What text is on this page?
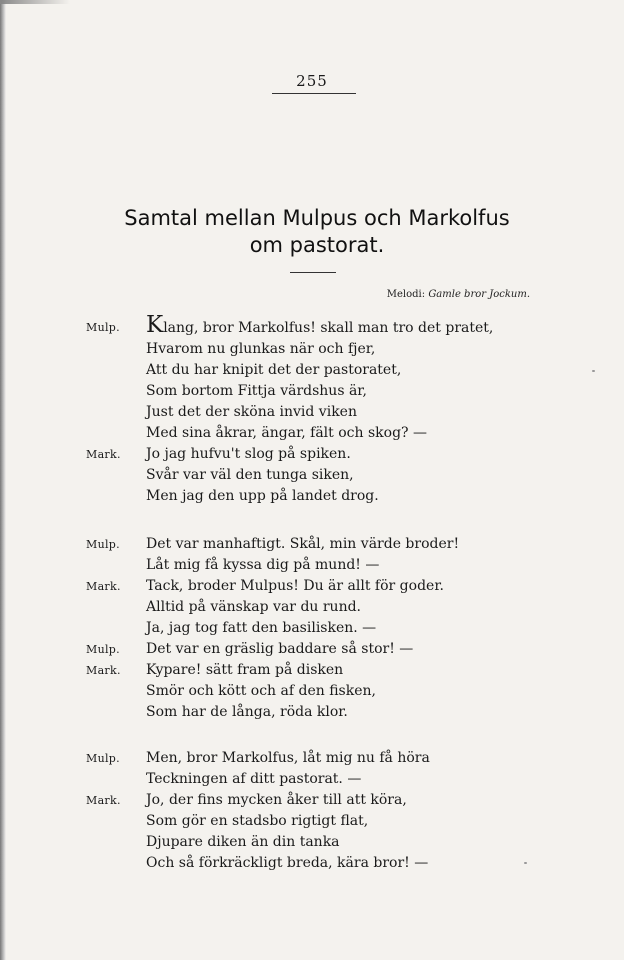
255
Samtal mellan Mulpus och Markolfus
om pastorat.
Melodi: Gamle bror Jockum.
Mulp. Klang, bror Markolfus! skall man tro det pratet,
Hvarom nu glunkas när och fjer,
Att du har knipit det der pastoratet,
Som bortom Fittja värdshus är,
Just det der sköna invid viken
Med sina åkrar, ängar, fält och skog? —
Mark. Jo jag hufvu't slog på spiken.
Svår var väl den tunga siken,
Men jag den upp på landet drog.
Mulp. Det var manhaftigt. Skål, min värde broder!
Låt mig få kyssa dig på mund! —
Mark. Tack, broder Mulpus! Du är allt för goder.
Alltid på vänskap var du rund.
Ja, jag tog fatt den basilisken. —
Mulp. Det var en gräslig baddare så stor! —
Mark. Kypare! sätt fram på disken
Smör och kött och af den fisken,
Som har de långa, röda klor.
Mulp. Men, bror Markolfus, låt mig nu få höra
Teckningen af ditt pastorat. —
Mark. Jo, der fins mycken åker till att köra,
Som gör en stadsbo rigtigt flat,
Djupare diken än din tanka
Och så förkräckligt breda, kära bror! —
